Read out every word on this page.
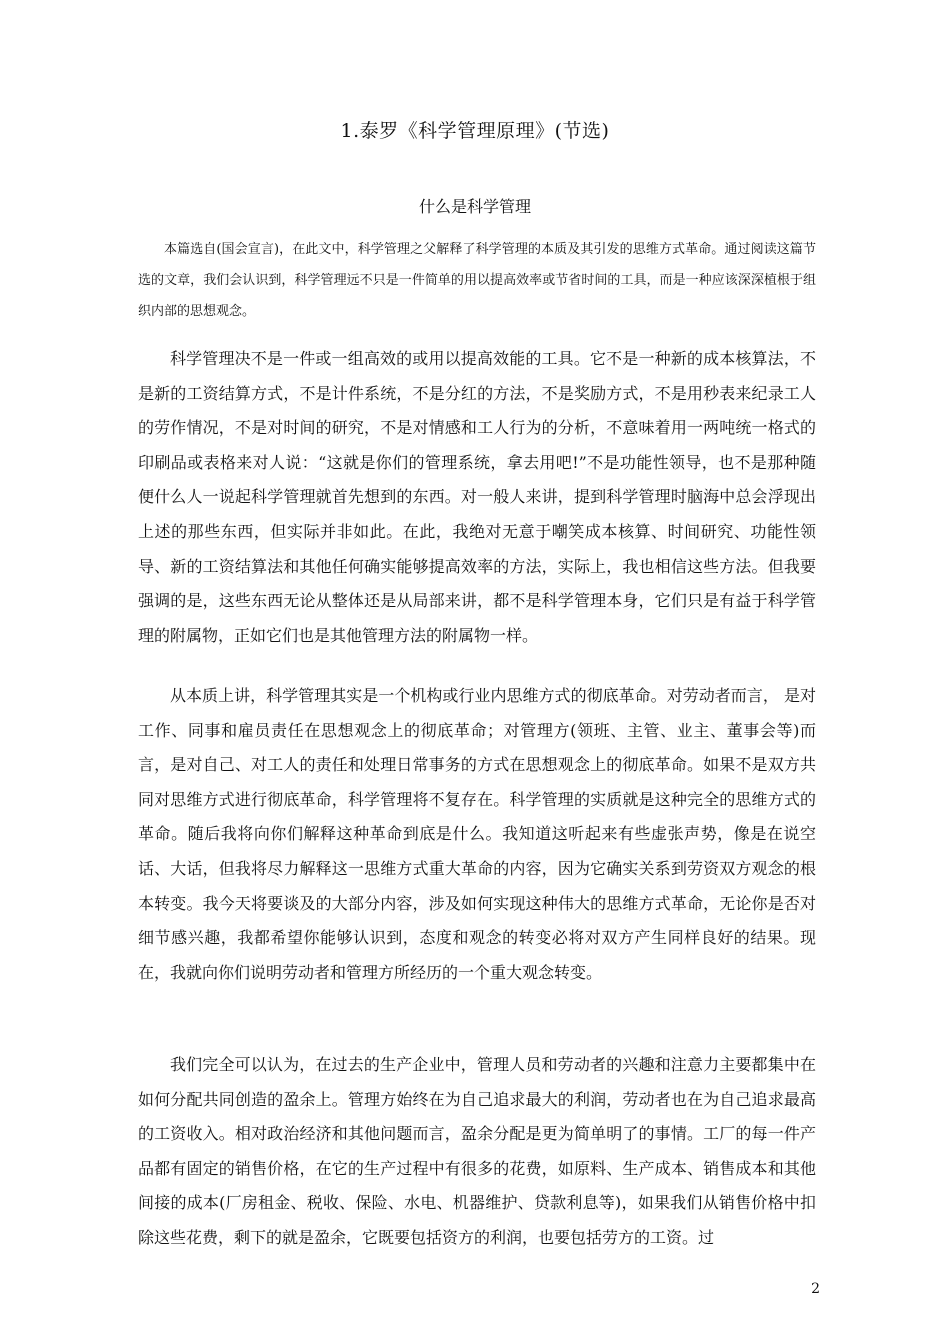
1.泰罗《科学管理原理》(节选)
什么是科学管理

本篇选自(国会宣言)，在此文中，科学管理之父解释了科学管理的本质及其引发的思维方式革命。通过阅读这篇节选的文章，我们会认识到，科学管理远不只是一件简单的用以提高效率或节省时间的工具，而是一种应该深深植根于组织内部的思想观念。

科学管理决不是一件或一组高效的或用以提高效能的工具。它不是一种新的成本核算法，不是新的工资结算方式，不是计件系统，不是分红的方法，不是奖励方式，不是用秒表来纪录工人的劳作情况，不是对时间的研究，不是对情感和工人行为的分析，不意味着用一两吨统一格式的印刷品或表格来对人说：“这就是你们的管理系统，拿去用吧!”不是功能性领导，也不是那种随便什么人一说起科学管理就首先想到的东西。对一般人来讲，提到科学管理时脑海中总会浮现出上述的那些东西，但实际并非如此。在此，我绝对无意于嘲笑成本核算、时间研究、功能性领导、新的工资结算法和其他任何确实能够提高效率的方法，实际上，我也相信这些方法。但我要强调的是，这些东西无论从整体还是从局部来讲，都不是科学管理本身，它们只是有益于科学管理的附属物，正如它们也是其他管理方法的附属物一样。

从本质上讲，科学管理其实是一个机构或行业内思维方式的彻底革命。对劳动者而言， 是对工作、同事和雇员责任在思想观念上的彻底革命；对管理方(领班、主管、业主、董事会等)而言，是对自己、对工人的责任和处理日常事务的方式在思想观念上的彻底革命。如果不是双方共同对思维方式进行彻底革命，科学管理将不复存在。科学管理的实质就是这种完全的思维方式的革命。随后我将向你们解释这种革命到底是什么。我知道这听起来有些虚张声势，像是在说空话、大话，但我将尽力解释这一思维方式重大革命的内容，因为它确实关系到劳资双方观念的根本转变。我今天将要谈及的大部分内容，涉及如何实现这种伟大的思维方式革命，无论你是否对细节感兴趣，我都希望你能够认识到，态度和观念的转变必将对双方产生同样良好的结果。现在，我就向你们说明劳动者和管理方所经历的一个重大观念转变。

我们完全可以认为，在过去的生产企业中，管理人员和劳动者的兴趣和注意力主要都集中在如何分配共同创造的盈余上。管理方始终在为自己追求最大的利润，劳动者也在为自己追求最高的工资收入。相对政治经济和其他问题而言，盈余分配是更为简单明了的事情。工厂的每一件产品都有固定的销售价格，在它的生产过程中有很多的花费，如原料、生产成本、销售成本和其他间接的成本(厂房租金、税收、保险、水电、机器维护、贷款利息等)，如果我们从销售价格中扣除这些花费，剩下的就是盈余，它既要包括资方的利润，也要包括劳方的工资。过

2
